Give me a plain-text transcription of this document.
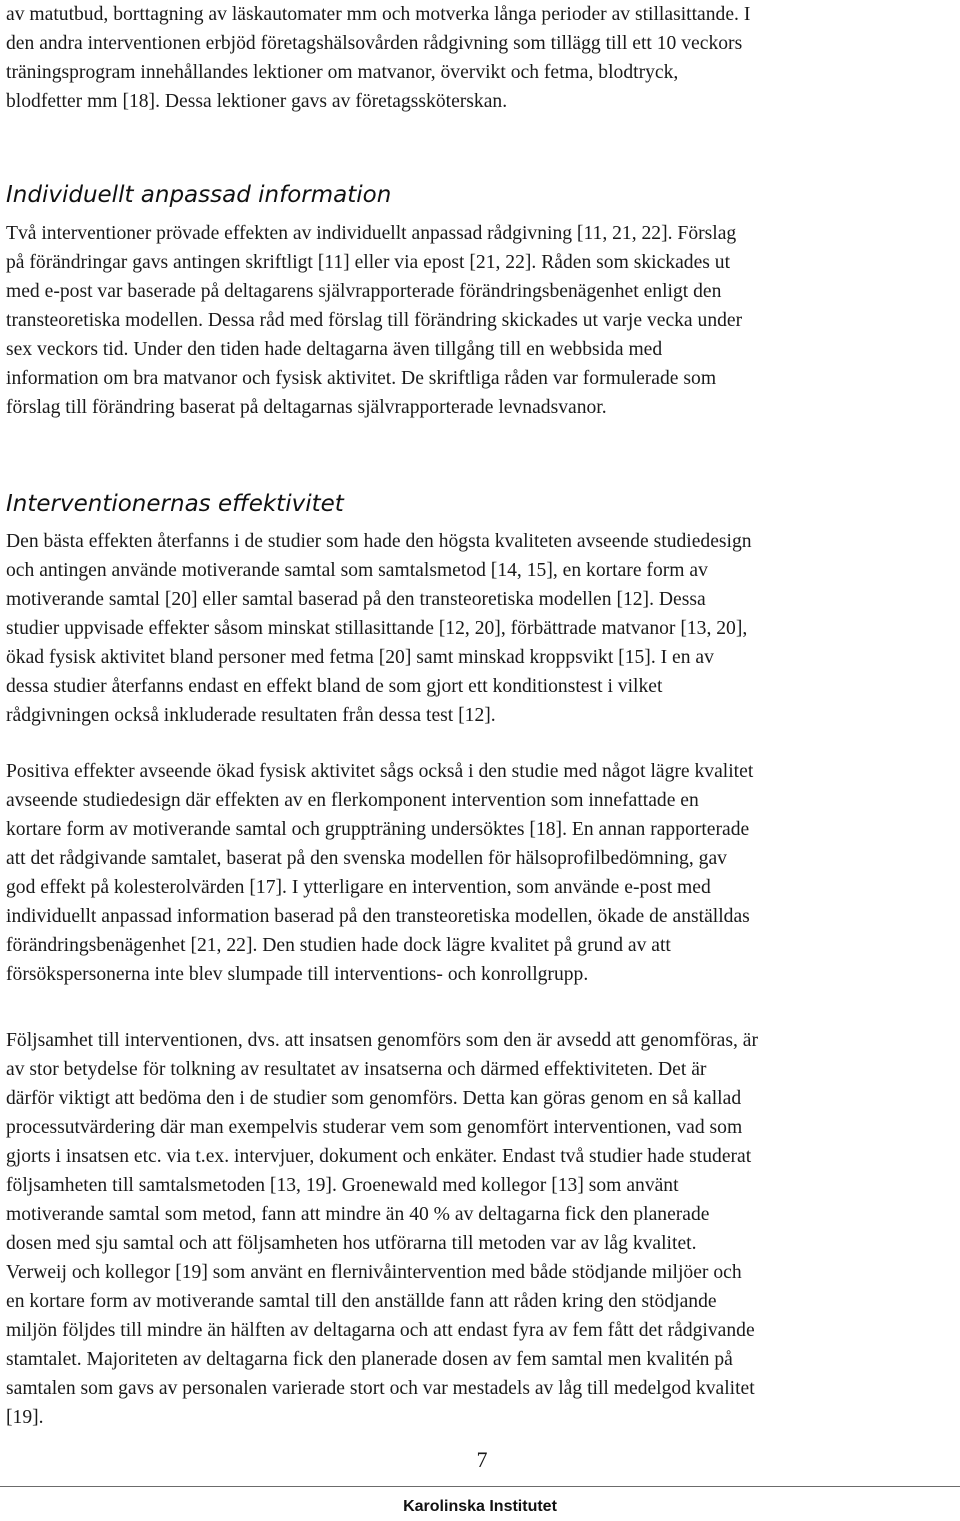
av matutbud, borttagning av läskautomater mm och motverka långa perioder av stillasittande. I
den andra interventionen erbjöd företagshälsovården rådgivning som tillägg till ett 10 veckors
träningsprogram innehållandes lektioner om matvanor, övervikt och fetma, blodtryck,
blodfetter mm [18]. Dessa lektioner gavs av företagssköterskan.
Individuellt anpassad information
Två interventioner prövade effekten av individuellt anpassad rådgivning [11, 21, 22]. Förslag
på förändringar gavs antingen skriftligt [11] eller via epost [21, 22]. Råden som skickades ut
med e-post var baserade på deltagarens självrapporterade förändringsbenägenhet enligt den
transteoretiska modellen. Dessa råd med förslag till förändring skickades ut varje vecka under
sex veckors tid. Under den tiden hade deltagarna även tillgång till en webbsida med
information om bra matvanor och fysisk aktivitet. De skriftliga råden var formulerade som
förslag till förändring baserat på deltagarnas självrapporterade levnadsvanor.
Interventionernas effektivitet
Den bästa effekten återfanns i de studier som hade den högsta kvaliteten avseende studiedesign
och antingen använde motiverande samtal som samtalsmetod [14, 15], en kortare form av
motiverande samtal [20] eller samtal baserad på den transteoretiska modellen [12]. Dessa
studier uppvisade effekter såsom minskat stillasittande [12, 20], förbättrade matvanor [13, 20],
ökad fysisk aktivitet bland personer med fetma [20] samt minskad kroppsvikt [15]. I en av
dessa studier återfanns endast en effekt bland de som gjort ett konditionstest i vilket
rådgivningen också inkluderade resultaten från dessa test [12].
Positiva effekter avseende ökad fysisk aktivitet sågs också i den studie med något lägre kvalitet
avseende studiedesign där effekten av en flerkomponent intervention som innefattade en
kortare form av motiverande samtal och gruppträning undersöktes [18]. En annan rapporterade
att det rådgivande samtalet, baserat på den svenska modellen för hälsoprofilbedömning, gav
god effekt på kolesterolvärden [17]. I ytterligare en intervention, som använde e-post med
individuellt anpassad information baserad på den transteoretiska modellen, ökade de anställdas
förändringsbenägenhet [21, 22]. Den studien hade dock lägre kvalitet på grund av att
försökspersonerna inte blev slumpade till interventions- och konrollgrupp.
Följsamhet till interventionen, dvs. att insatsen genomförs som den är avsedd att genomföras, är
av stor betydelse för tolkning av resultatet av insatserna och därmed effektiviteten. Det är
därför viktigt att bedöma den i de studier som genomförs. Detta kan göras genom en så kallad
processutvärdering där man exempelvis studerar vem som genomfört interventionen, vad som
gjorts i insatsen etc. via t.ex. intervjuer, dokument och enkäter. Endast två studier hade studerat
följsamheten till samtalsmetoden [13, 19]. Groenewald med kollegor [13] som använt
motiverande samtal som metod, fann att mindre än 40 % av deltagarna fick den planerade
dosen med sju samtal och att följsamheten hos utförarna till metoden var av låg kvalitet.
Verweij och kollegor [19] som använt en flernivåintervention med både stödjande miljöer och
en kortare form av motiverande samtal till den anställde fann att råden kring den stödjande
miljön följdes till mindre än hälften av deltagarna och att endast fyra av fem fått det rådgivande
stamtalet. Majoriteten av deltagarna fick den planerade dosen av fem samtal men kvalitén på
samtalen som gavs av personalen varierade stort och var mestadels av låg till medelgod kvalitet
[19].
7
Karolinska Institutet
